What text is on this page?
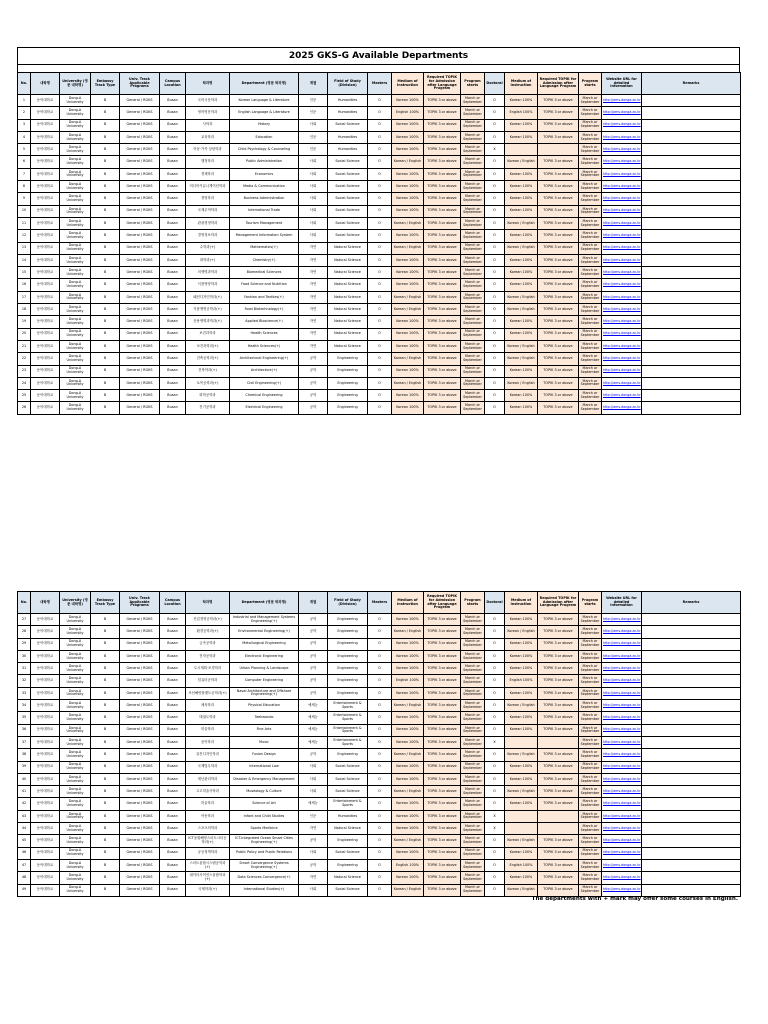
2025 GKS-G Available Departments
No.	대학명	University (영문 대학명)	Embassy Track Type	Univ. Track Applicable Programs	Campus Location	학과명	Department (영문 학과명)	계열	Field of Study (Division)	Masters	Medium of Instruction	Required TOPIK for Admission after Language Program	Program starts	Doctoral	Medium of Instruction	Required TOPIK for Admission after Language Program	Program starts	Website URL for detailed information	Remarks
1	동아대학교	Dong-A University	B	General / RGKS	Busan	국어국문학과	Korean Language & Literature	인문	Humanities	O	Korean 100%	TOPIK 3 or above	March or September	O	Korean 100%	TOPIK 3 or above	March or September	http://ams.donga.ac.kr	
2	동아대학교	Dong-A University	B	General / RGKS	Busan	영어영문학과	English Language & Literature	인문	Humanities	O	English 100%	TOPIK 3 or above	March or September	O	English 100%	TOPIK 3 or above	March or September	http://ams.donga.ac.kr	
3	동아대학교	Dong-A University	B	General / RGKS	Busan	사학과	History	사회	Social Science	O	Korean 100%	TOPIK 3 or above	March or September	O	Korean 100%	TOPIK 3 or above	March or September	http://ams.donga.ac.kr	
4	동아대학교	Dong-A University	B	General / RGKS	Busan	교육학과	Education	인문	Humanities	O	Korean 100%	TOPIK 3 or above	March or September	O	Korean 100%	TOPIK 3 or above	March or September	http://ams.donga.ac.kr	
5	동아대학교	Dong-A University	B	General / RGKS	Busan	아동·가족 상담학과	Child Psychology & Counseling	인문	Humanities	O	Korean 100%	TOPIK 3 or above	March or September	X			March or September	http://ams.donga.ac.kr	
6	동아대학교	Dong-A University	B	General / RGKS	Busan	행정학과	Public Administration	사회	Social Science	O	Korean / English	TOPIK 3 or above	March or September	O	Korean / English	TOPIK 3 or above	March or September	http://ams.donga.ac.kr	
7	동아대학교	Dong-A University	B	General / RGKS	Busan	경제학과	Economics	사회	Social Science	O	Korean 100%	TOPIK 3 or above	March or September	O	Korean 100%	TOPIK 3 or above	March or September	http://ams.donga.ac.kr	
8	동아대학교	Dong-A University	B	General / RGKS	Busan	미디어커뮤니케이션학과	Media & Communication	사회	Social Science	O	Korean 100%	TOPIK 3 or above	March or September	O	Korean 100%	TOPIK 3 or above	March or September	http://ams.donga.ac.kr	
9	동아대학교	Dong-A University	B	General / RGKS	Busan	경영학과	Business Administration	사회	Social Science	O	Korean 100%	TOPIK 3 or above	March or September	O	Korean 100%	TOPIK 3 or above	March or September	http://ams.donga.ac.kr	
10	동아대학교	Dong-A University	B	General / RGKS	Busan	국제무역학과	International Trade	사회	Social Science	O	Korean 100%	TOPIK 3 or above	March or September	O	Korean 100%	TOPIK 3 or above	March or September	http://ams.donga.ac.kr	
11	동아대학교	Dong-A University	B	General / RGKS	Busan	관광경영학과	Tourism Management	사회	Social Science	O	Korean / English	TOPIK 3 or above	March or September	O	Korean / English	TOPIK 3 or above	March or September	http://ams.donga.ac.kr	
12	동아대학교	Dong-A University	B	General / RGKS	Busan	경영정보학과	Management Information System	사회	Social Science	O	Korean 100%	TOPIK 3 or above	March or September	O	Korean 100%	TOPIK 3 or above	March or September	http://ams.donga.ac.kr	
13	동아대학교	Dong-A University	B	General / RGKS	Busan	수학과(+)	Mathematics(+)	자연	Natural Science	O	Korean / English	TOPIK 3 or above	March or September	O	Korean / English	TOPIK 3 or above	March or September	http://ams.donga.ac.kr	
14	동아대학교	Dong-A University	B	General / RGKS	Busan	화학과(+)	Chemistry(+)	자연	Natural Science	O	Korean 100%	TOPIK 3 or above	March or September	O	Korean 100%	TOPIK 3 or above	March or September	http://ams.donga.ac.kr	
15	동아대학교	Dong-A University	B	General / RGKS	Busan	의생명과학과	Biomedical Sciences	자연	Natural Science	O	Korean 100%	TOPIK 3 or above	March or September	O	Korean 100%	TOPIK 3 or above	March or September	http://ams.donga.ac.kr	
16	동아대학교	Dong-A University	B	General / RGKS	Busan	식품영양학과	Food Science and Nutrition	자연	Natural Science	O	Korean 100%	TOPIK 3 or above	March or September	O	Korean 100%	TOPIK 3 or above	March or September	http://ams.donga.ac.kr	
17	동아대학교	Dong-A University	B	General / RGKS	Busan	패션디자인학과(+)	Fashion and Textiles(+)	자연	Natural Science	O	Korean / English	TOPIK 3 or above	March or September	O	Korean / English	TOPIK 3 or above	March or September	http://ams.donga.ac.kr	
18	동아대학교	Dong-A University	B	General / RGKS	Busan	식품생명공학과(+)	Food Biotechnology(+)	자연	Natural Science	O	Korean / English	TOPIK 3 or above	March or September	O	Korean / English	TOPIK 3 or above	March or September	http://ams.donga.ac.kr	
19	동아대학교	Dong-A University	B	General / RGKS	Busan	응용생명과학과(+)	Applied Bioscience(+)	자연	Natural Science	O	Korean 100%	TOPIK 3 or above	March or September	O	Korean 100%	TOPIK 3 or above	March or September	http://ams.donga.ac.kr	
20	동아대학교	Dong-A University	B	General / RGKS	Busan	보건과학과	Health Sciences	자연	Natural Science	O	Korean 100%	TOPIK 3 or above	March or September	O	Korean 100%	TOPIK 3 or above	March or September	http://ams.donga.ac.kr	
21	동아대학교	Dong-A University	B	General / RGKS	Busan	보건과학과(+)	Health Sciences(+)	자연	Natural Science	O	Korean 100%	TOPIK 3 or above	March or September	O	Korean / English	TOPIK 3 or above	March or September	http://ams.donga.ac.kr	
22	동아대학교	Dong-A University	B	General / RGKS	Busan	건축공학과(+)	Architectural Engineering(+)	공학	Engineering	O	Korean / English	TOPIK 3 or above	March or September	O	Korean / English	TOPIK 3 or above	March or September	http://ams.donga.ac.kr	
23	동아대학교	Dong-A University	B	General / RGKS	Busan	건축학과(+)	Architecture(+)	공학	Engineering	O	Korean 100%	TOPIK 3 or above	March or September	O	Korean 100%	TOPIK 3 or above	March or September	http://ams.donga.ac.kr	
24	동아대학교	Dong-A University	B	General / RGKS	Busan	토목공학과(+)	Civil Engineering(+)	공학	Engineering	O	Korean / English	TOPIK 3 or above	March or September	O	Korean / English	TOPIK 3 or above	March or September	http://ams.donga.ac.kr	
25	동아대학교	Dong-A University	B	General / RGKS	Busan	화학공학과	Chemical Engineering	공학	Engineering	O	Korean 100%	TOPIK 3 or above	March or September	O	Korean 100%	TOPIK 3 or above	March or September	http://ams.donga.ac.kr	
26	동아대학교	Dong-A University	B	General / RGKS	Busan	전기공학과	Electrical Engineering	공학	Engineering	O	Korean 100%	TOPIK 3 or above	March or September	O	Korean 100%	TOPIK 3 or above	March or September	http://ams.donga.ac.kr	
No.	대학명	University (영문 대학명)	Embassy Track Type	Univ. Track Applicable Programs	Campus Location	학과명	Department (영문 학과명)	계열	Field of Study (Division)	Masters	Medium of Instruction	Required TOPIK for Admission after Language Program	Program starts	Doctoral	Medium of Instruction	Required TOPIK for Admission after Language Program	Program starts	Website URL for detailed information	Remarks
27	동아대학교	Dong-A University	B	General / RGKS	Busan	산업경영공학과(+)	Industrial and Management Systems Engineering(+)	공학	Engineering	O	Korean 100%	TOPIK 3 or above	March or September	O	Korean 100%	TOPIK 3 or above	March or September	http://ams.donga.ac.kr	
28	동아대학교	Dong-A University	B	General / RGKS	Busan	환경공학과(+)	Environmental Engineering(+)	공학	Engineering	O	Korean / English	TOPIK 3 or above	March or September	O	Korean / English	TOPIK 3 or above	March or September	http://ams.donga.ac.kr	
29	동아대학교	Dong-A University	B	General / RGKS	Busan	금속공학과	Metallurgical Engineering	공학	Engineering	O	Korean 100%	TOPIK 3 or above	March or September	O	Korean 100%	TOPIK 3 or above	March or September	http://ams.donga.ac.kr	
30	동아대학교	Dong-A University	B	General / RGKS	Busan	전자공학과	Electronic Engineering	공학	Engineering	O	Korean 100%	TOPIK 3 or above	March or September	O	Korean 100%	TOPIK 3 or above	March or September	http://ams.donga.ac.kr	
31	동아대학교	Dong-A University	B	General / RGKS	Busan	도시계획·조경학과	Urban Planning & Landscape	공학	Engineering	O	Korean 100%	TOPIK 3 or above	March or September	O	Korean 100%	TOPIK 3 or above	March or September	http://ams.donga.ac.kr	
32	동아대학교	Dong-A University	B	General / RGKS	Busan	컴퓨터공학과	Computer Engineering	공학	Engineering	O	English 100%	TOPIK 3 or above	March or September	O	English 100%	TOPIK 3 or above	March or September	http://ams.donga.ac.kr	
33	동아대학교	Dong-A University	B	General / RGKS	Busan	조선해양플랜트공학과(+)	Naval Architecture and Offshore Engineering(+)	공학	Engineering	O	Korean 100%	TOPIK 3 or above	March or September	O	Korean 100%	TOPIK 3 or above	March or September	http://ams.donga.ac.kr	
34	동아대학교	Dong-A University	B	General / RGKS	Busan	체육학과	Physical Education	예체능	Entertainment & Sports	O	Korean / English	TOPIK 3 or above	March or September	O	Korean / English	TOPIK 3 or above	March or September	http://ams.donga.ac.kr	
35	동아대학교	Dong-A University	B	General / RGKS	Busan	태권도학과	Taekwondo	예체능	Entertainment & Sports	O	Korean 100%	TOPIK 3 or above	March or September	O	Korean 100%	TOPIK 3 or above	March or September	http://ams.donga.ac.kr	
36	동아대학교	Dong-A University	B	General / RGKS	Busan	미술학과	Fine Arts	예체능	Entertainment & Sports	O	Korean 100%	TOPIK 3 or above	March or September	O	Korean 100%	TOPIK 3 or above	March or September	http://ams.donga.ac.kr	
37	동아대학교	Dong-A University	B	General / RGKS	Busan	음악학과	Music	예체능	Entertainment & Sports	O	Korean 100%	TOPIK 3 or above	March or September	X			March or September	http://ams.donga.ac.kr	
38	동아대학교	Dong-A University	B	General / RGKS	Busan	퓨전디자인학과	Fusion Design	공학	Engineering	O	Korean / English	TOPIK 3 or above	March or September	O	Korean / English	TOPIK 3 or above	March or September	http://ams.donga.ac.kr	
39	동아대학교	Dong-A University	B	General / RGKS	Busan	국제법무학과	International Law	사회	Social Science	O	Korean 100%	TOPIK 3 or above	March or September	O	Korean 100%	TOPIK 3 or above	March or September	http://ams.donga.ac.kr	
40	동아대학교	Dong-A University	B	General / RGKS	Busan	재난관리학과	Disaster & Emergency Management	사회	Social Science	O	Korean 100%	TOPIK 3 or above	March or September	O	Korean 100%	TOPIK 3 or above	March or September	http://ams.donga.ac.kr	
41	동아대학교	Dong-A University	B	General / RGKS	Busan	고고미술사학과	Museology & Culture	사회	Social Science	O	Korean / English	TOPIK 3 or above	March or September	O	Korean / English	TOPIK 3 or above	March or September	http://ams.donga.ac.kr	
42	동아대학교	Dong-A University	B	General / RGKS	Busan	미술학과	Science of Art	예체능	Entertainment & Sports	O	Korean 100%	TOPIK 3 or above	March or September	O	Korean 100%	TOPIK 3 or above	March or September	http://ams.donga.ac.kr	
43	동아대학교	Dong-A University	B	General / RGKS	Busan	아동학과	Infant and Child Studies	인문	Humanities	O	Korean 100%	TOPIK 3 or above	March or September	X			March or September	http://ams.donga.ac.kr	
44	동아대학교	Dong-A University	B	General / RGKS	Busan	스포츠의학과	Sports Medicine	자연	Natural Science	O	Korean 100%	TOPIK 3 or above	March or September	X			March or September	http://ams.donga.ac.kr	
45	동아대학교	Dong-A University	B	General / RGKS	Busan	ICT융합해양스마트시티공학과(+)	ICT-integrated Ocean Smart Cities Engineering(+)	공학	Engineering	O	Korean / English	TOPIK 3 or above	March or September	O	Korean / English	TOPIK 3 or above	March or September	http://ams.donga.ac.kr	
46	동아대학교	Dong-A University	B	General / RGKS	Busan	공공정책학과	Public Policy and Public Relations	사회	Social Science	O	Korean 100%	TOPIK 3 or above	March or September	O	Korean 100%	TOPIK 3 or above	March or September	http://ams.donga.ac.kr	
47	동아대학교	Dong-A University	B	General / RGKS	Busan	스마트융합시스템공학과(+)	Smart Convergence Systems Engineering(+)	공학	Engineering	O	English 100%	TOPIK 3 or above	March or September	O	English 100%	TOPIK 3 or above	March or September	http://ams.donga.ac.kr	
48	동아대학교	Dong-A University	B	General / RGKS	Busan	데이터사이언스융합학과(+)	Data Sciences Convergence(+)	자연	Natural Science	O	Korean 100%	TOPIK 3 or above	March or September	O	Korean 100%	TOPIK 3 or above	March or September	http://ams.donga.ac.kr	
49	동아대학교	Dong-A University	B	General / RGKS	Busan	국제학과(+)	International Studies(+)	사회	Social Science	O	Korean / English	TOPIK 3 or above	March or September	O	Korean / English	TOPIK 3 or above	March or September	http://ams.donga.ac.kr	
The departments with + mark may offer some courses in English.
